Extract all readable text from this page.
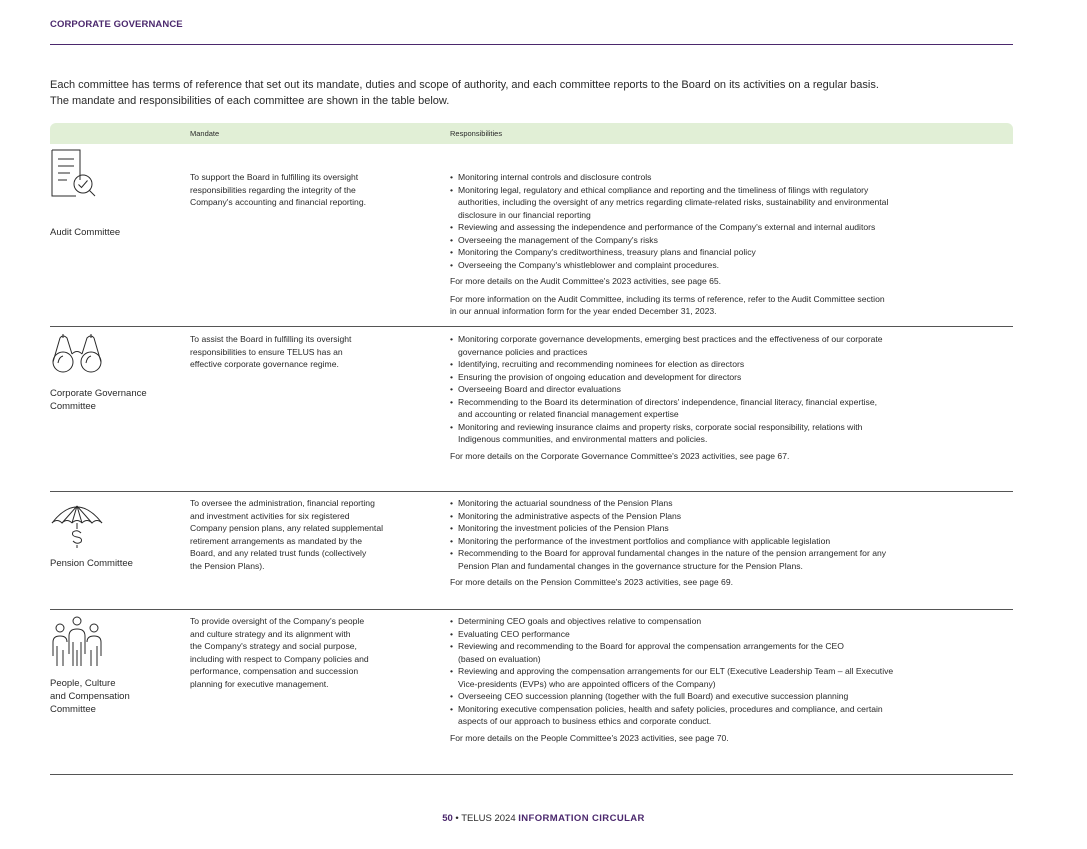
CORPORATE GOVERNANCE

Each committee has terms of reference that set out its mandate, duties and scope of authority, and each committee reports to the Board on its activities on a regular basis.

The mandate and responsibilities of each committee are shown in the table below.

Mandate	Responsibilities
Audit Committee
To support the Board in fulfilling its oversight
responsibilities regarding the integrity of the
Company's accounting and financial reporting.
• Monitoring internal controls and disclosure controls
• Monitoring legal, regulatory and ethical compliance and reporting and the timeliness of filings with regulatory
authorities, including the oversight of any metrics regarding climate-related risks, sustainability and environmental
disclosure in our financial reporting
• Reviewing and assessing the independence and performance of the Company's external and internal auditors
• Overseeing the management of the Company's risks
• Monitoring the Company's creditworthiness, treasury plans and financial policy
• Overseeing the Company's whistleblower and complaint procedures.

For more details on the Audit Committee's 2023 activities, see page 65.

For more information on the Audit Committee, including its terms of reference, refer to the Audit Committee section
in our annual information form for the year ended December 31, 2023.

Corporate Governance
Committee
To assist the Board in fulfilling its oversight
responsibilities to ensure TELUS has an
effective corporate governance regime.
• Monitoring corporate governance developments, emerging best practices and the effectiveness of our corporate
governance policies and practices
• Identifying, recruiting and recommending nominees for election as directors
• Ensuring the provision of ongoing education and development for directors
• Overseeing Board and director evaluations
• Recommending to the Board its determination of directors' independence, financial literacy, financial expertise,
and accounting or related financial management expertise
• Monitoring and reviewing insurance claims and property risks, corporate social responsibility, relations with
Indigenous communities, and environmental matters and policies.

For more details on the Corporate Governance Committee's 2023 activities, see page 67.

Pension Committee
To oversee the administration, financial reporting
and investment activities for six registered
Company pension plans, any related supplemental
retirement arrangements as mandated by the
Board, and any related trust funds (collectively
the Pension Plans).
• Monitoring the actuarial soundness of the Pension Plans
• Monitoring the administrative aspects of the Pension Plans
• Monitoring the investment policies of the Pension Plans
• Monitoring the performance of the investment portfolios and compliance with applicable legislation
• Recommending to the Board for approval fundamental changes in the nature of the pension arrangement for any
Pension Plan and fundamental changes in the governance structure for the Pension Plans.

For more details on the Pension Committee's 2023 activities, see page 69.

People, Culture
and Compensation
Committee
To provide oversight of the Company's people
and culture strategy and its alignment with
the Company's strategy and social purpose,
including with respect to Company policies and
performance, compensation and succession
planning for executive management.
• Determining CEO goals and objectives relative to compensation
• Evaluating CEO performance
• Reviewing and recommending to the Board for approval the compensation arrangements for the CEO
(based on evaluation)
• Reviewing and approving the compensation arrangements for our ELT (Executive Leadership Team – all Executive
Vice-presidents (EVPs) who are appointed officers of the Company)
• Overseeing CEO succession planning (together with the full Board) and executive succession planning
• Monitoring executive compensation policies, health and safety policies, procedures and compliance, and certain
aspects of our approach to business ethics and corporate conduct.

For more details on the People Committee's 2023 activities, see page 70.

50 • TELUS 2024 INFORMATION CIRCULAR
